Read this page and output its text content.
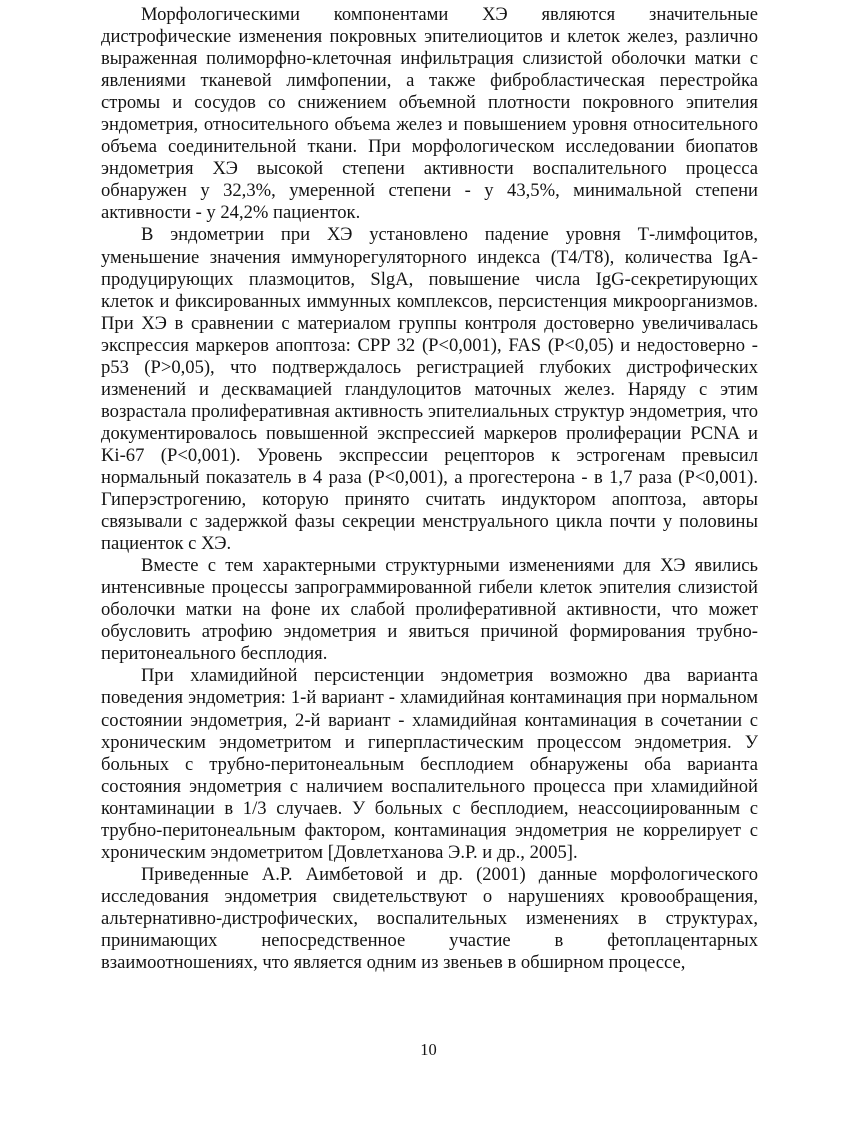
Морфологическими компонентами ХЭ являются значительные дистрофические изменения покровных эпителиоцитов и клеток желез, различно выраженная полиморфно-клеточная инфильтрация слизистой оболочки матки с явлениями тканевой лимфопении, а также фибробластическая перестройка стромы и сосудов со снижением объемной плотности покровного эпителия эндометрия, относительного объема желез и повышением уровня относительного объема соединительной ткани. При морфологическом исследовании биопатов эндометрия ХЭ высокой степени активности воспалительного процесса обнаружен у 32,3%, умеренной степени - у 43,5%, минимальной степени активности - у 24,2% пациенток.

В эндометрии при ХЭ установлено падение уровня Т-лимфоцитов, уменьшение значения иммунорегуляторного индекса (Т4/Т8), количества IgA-продуцирующих плазмоцитов, SlgA, повышение числа IgG-секретирующих клеток и фиксированных иммунных комплексов, персистенция микроорганизмов. При ХЭ в сравнении с материалом группы контроля достоверно увеличивалась экспрессия маркеров апоптоза: CPP 32 (P<0,001), FAS (P<0,05) и недостоверно - p53 (P>0,05), что подтверждалось регистрацией глубоких дистрофических изменений и десквамацией гландулоцитов маточных желез. Наряду с этим возрастала пролиферативная активность эпителиальных структур эндометрия, что документировалось повышенной экспрессией маркеров пролиферации PCNA и Ki-67 (P<0,001). Уровень экспрессии рецепторов к эстрогенам превысил нормальный показатель в 4 раза (P<0,001), а прогестерона - в 1,7 раза (P<0,001). Гиперэстрогению, которую принято считать индуктором апоптоза, авторы связывали с задержкой фазы секреции менструального цикла почти у половины пациенток с ХЭ.

Вместе с тем характерными структурными изменениями для ХЭ явились интенсивные процессы запрограммированной гибели клеток эпителия слизистой оболочки матки на фоне их слабой пролиферативной активности, что может обусловить атрофию эндометрия и явиться причиной формирования трубно-перитонеального бесплодия.

При хламидийной персистенции эндометрия возможно два варианта поведения эндометрия: 1-й вариант - хламидийная контаминация при нормальном состоянии эндометрия, 2-й вариант - хламидийная контаминация в сочетании с хроническим эндометритом и гиперпластическим процессом эндометрия. У больных с трубно-перитонеальным бесплодием обнаружены оба варианта состояния эндометрия с наличием воспалительного процесса при хламидийной контаминации в 1/3 случаев. У больных с бесплодием, неассоциированным с трубно-перитонеальным фактором, контаминация эндометрия не коррелирует с хроническим эндометритом [Довлетханова Э.Р. и др., 2005].

Приведенные А.Р. Аимбетовой и др. (2001) данные морфологического исследования эндометрия свидетельствуют о нарушениях кровообращения, альтернативно-дистрофических, воспалительных изменениях в структурах, принимающих непосредственное участие в фетоплацентарных взаимоотношениях, что является одним из звеньев в обширном процессе,

10
